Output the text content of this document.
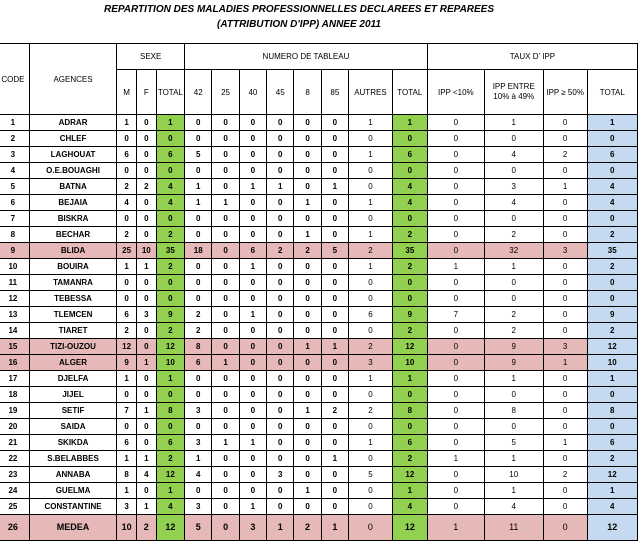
REPARTITION DES MALADIES PROFESSIONNELLES DECLAREES ET REPAREES
(ATTRIBUTION D'IPP) ANNEE 2011
CODE	AGENCES	SEXE			NUMERO DE TABLEAU								TAUX D' IPP			
		M	F	TOTAL	42	25	40	45	8	85	AUTRES	TOTAL	IPP <10%	IPP ENTRE 10% à 49%	IPP ≥ 50%	TOTAL
1	ADRAR	1	0	1	0	0	0	0	0	0	1	1	0	1	0	1
2	CHLEF	0	0	0	0	0	0	0	0	0	0	0	0	0	0	0
3	LAGHOUAT	6	0	6	5	0	0	0	0	0	1	6	0	4	2	6
4	O.E.BOUAGHI	0	0	0	0	0	0	0	0	0	0	0	0	0	0	0
5	BATNA	2	2	4	1	0	1	1	0	1	0	4	0	3	1	4
6	BEJAIA	4	0	4	1	1	0	0	1	0	1	4	0	4	0	4
7	BISKRA	0	0	0	0	0	0	0	0	0	0	0	0	0	0	0
8	BECHAR	2	0	2	0	0	0	0	1	0	1	2	0	2	0	2
9	BLIDA	25	10	35	18	0	6	2	2	5	2	35	0	32	3	35
10	BOUIRA	1	1	2	0	0	1	0	0	0	1	2	1	1	0	2
11	TAMANRA	0	0	0	0	0	0	0	0	0	0	0	0	0	0	0
12	TEBESSA	0	0	0	0	0	0	0	0	0	0	0	0	0	0	0
13	TLEMCEN	6	3	9	2	0	1	0	0	0	6	9	7	2	0	9
14	TIARET	2	0	2	2	0	0	0	0	0	0	2	0	2	0	2
15	TIZI-OUZOU	12	0	12	8	0	0	0	1	1	2	12	0	9	3	12
16	ALGER	9	1	10	6	1	0	0	0	0	3	10	0	9	1	10
17	DJELFA	1	0	1	0	0	0	0	0	0	1	1	0	1	0	1
18	JIJEL	0	0	0	0	0	0	0	0	0	0	0	0	0	0	0
19	SETIF	7	1	8	3	0	0	0	1	2	2	8	0	8	0	8
20	SAIDA	0	0	0	0	0	0	0	0	0	0	0	0	0	0	0
21	SKIKDA	6	0	6	3	1	1	0	0	0	1	6	0	5	1	6
22	S.BELABBES	1	1	2	1	0	0	0	0	1	0	2	1	1	0	2
23	ANNABA	8	4	12	4	0	0	3	0	0	5	12	0	10	2	12
24	GUELMA	1	0	1	0	0	0	0	1	0	0	1	0	1	0	1
25	CONSTANTINE	3	1	4	3	0	1	0	0	0	0	4	0	4	0	4
26	MEDEA	10	2	12	5	0	3	1	2	1	0	12	1	11	0	12
